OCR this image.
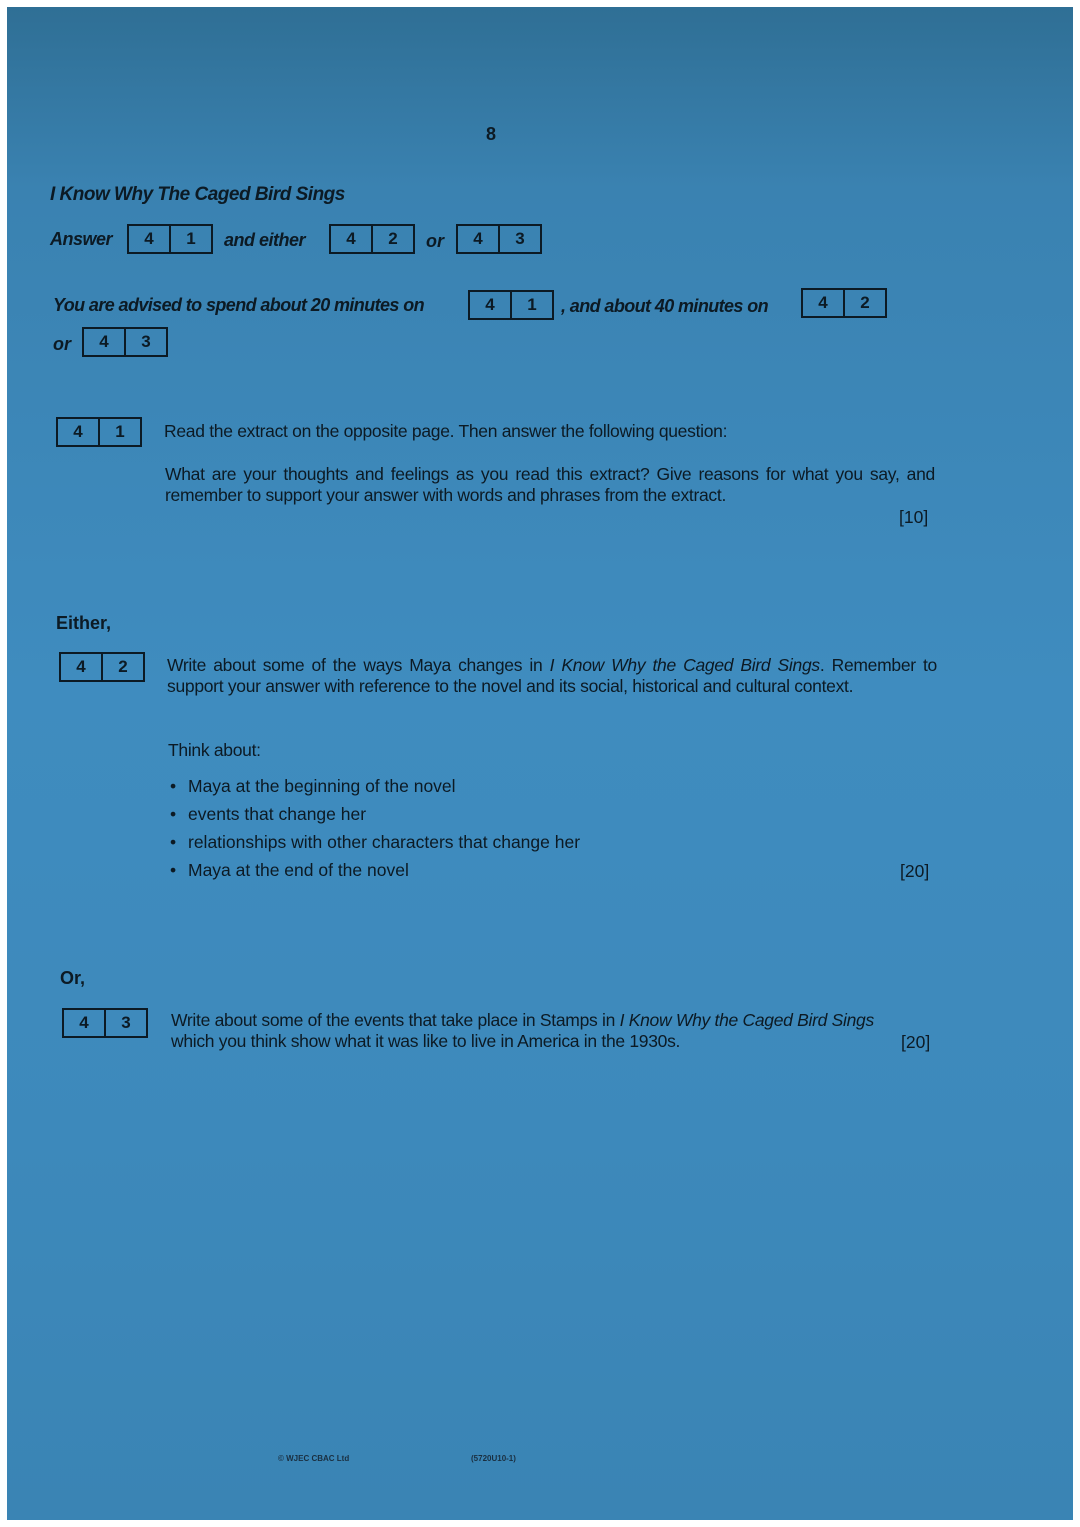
8
I Know Why The Caged Bird Sings
Answer	4	1	and either	4	2	or	4	3
You are advised to spend about 20 minutes on	4	1	, and about 40 minutes on	4	2
or	4	3
4	1	Read the extract on the opposite page. Then answer the following question:
What are your thoughts and feelings as you read this extract? Give reasons for what you say, and remember to support your answer with words and phrases from the extract.
[10]
Either,
4	2	Write about some of the ways Maya changes in I Know Why the Caged Bird Sings. Remember to support your answer with reference to the novel and its social, historical and cultural context.
Think about:
• Maya at the beginning of the novel
• events that change her
• relationships with other characters that change her
• Maya at the end of the novel	[20]
Or,
4	3	Write about some of the events that take place in Stamps in I Know Why the Caged Bird Sings which you think show what it was like to live in America in the 1930s.	[20]
© WJEC CBAC Ltd	(5720U10-1)
